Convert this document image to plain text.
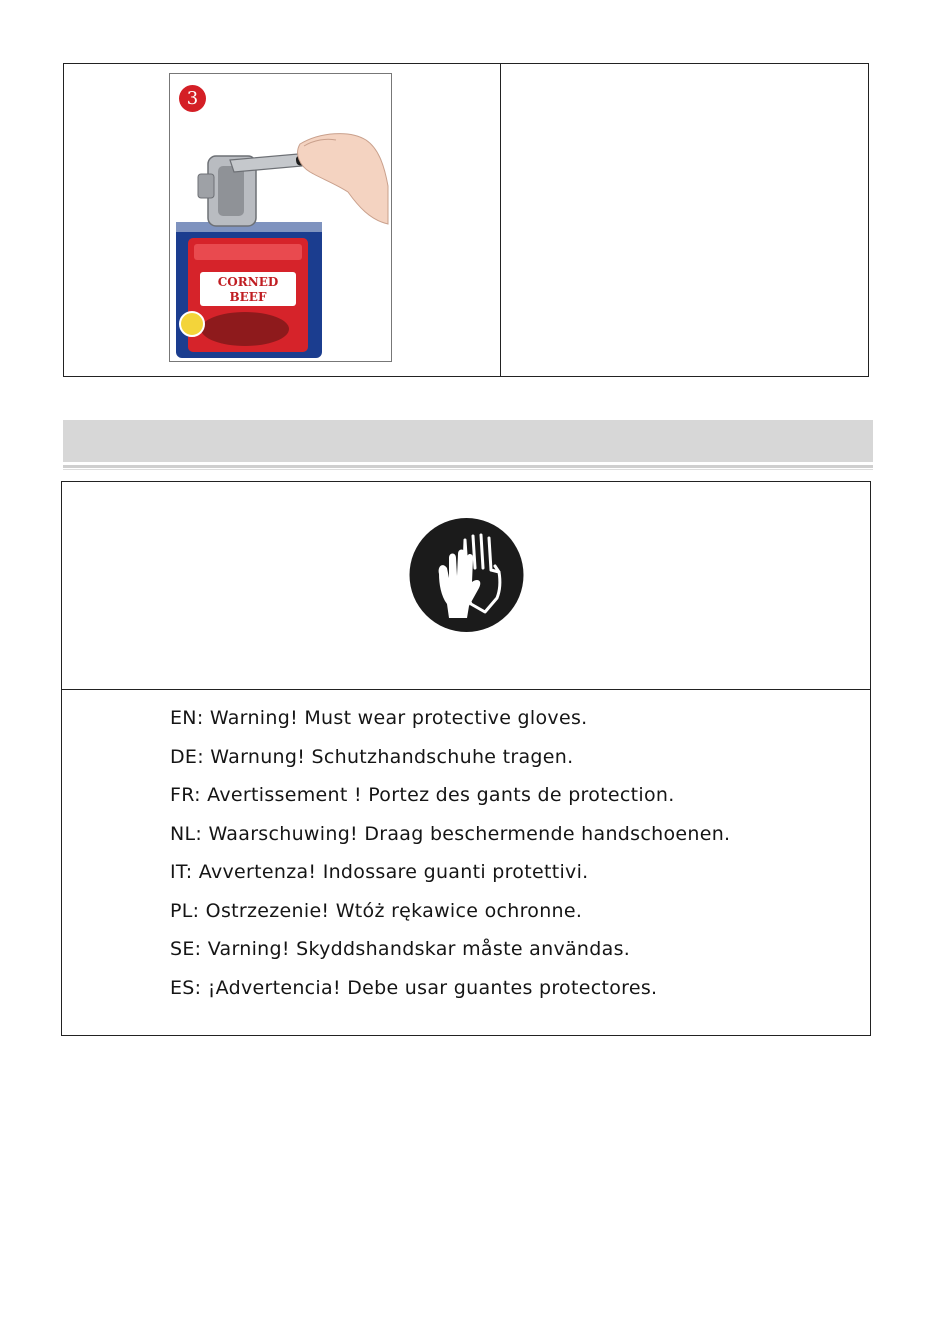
CORNED
BEEF
3
EN: Warning! Must wear protective gloves.
DE: Warnung! Schutzhandschuhe tragen.
FR: Avertissement ! Portez des gants de protection.
NL: Waarschuwing! Draag beschermende handschoenen.
IT: Avvertenza! Indossare guanti protettivi.
PL: Ostrzezenie! Wtóż rękawice ochronne.
SE: Varning! Skyddshandskar måste användas.
ES: ¡Advertencia! Debe usar guantes protectores.
